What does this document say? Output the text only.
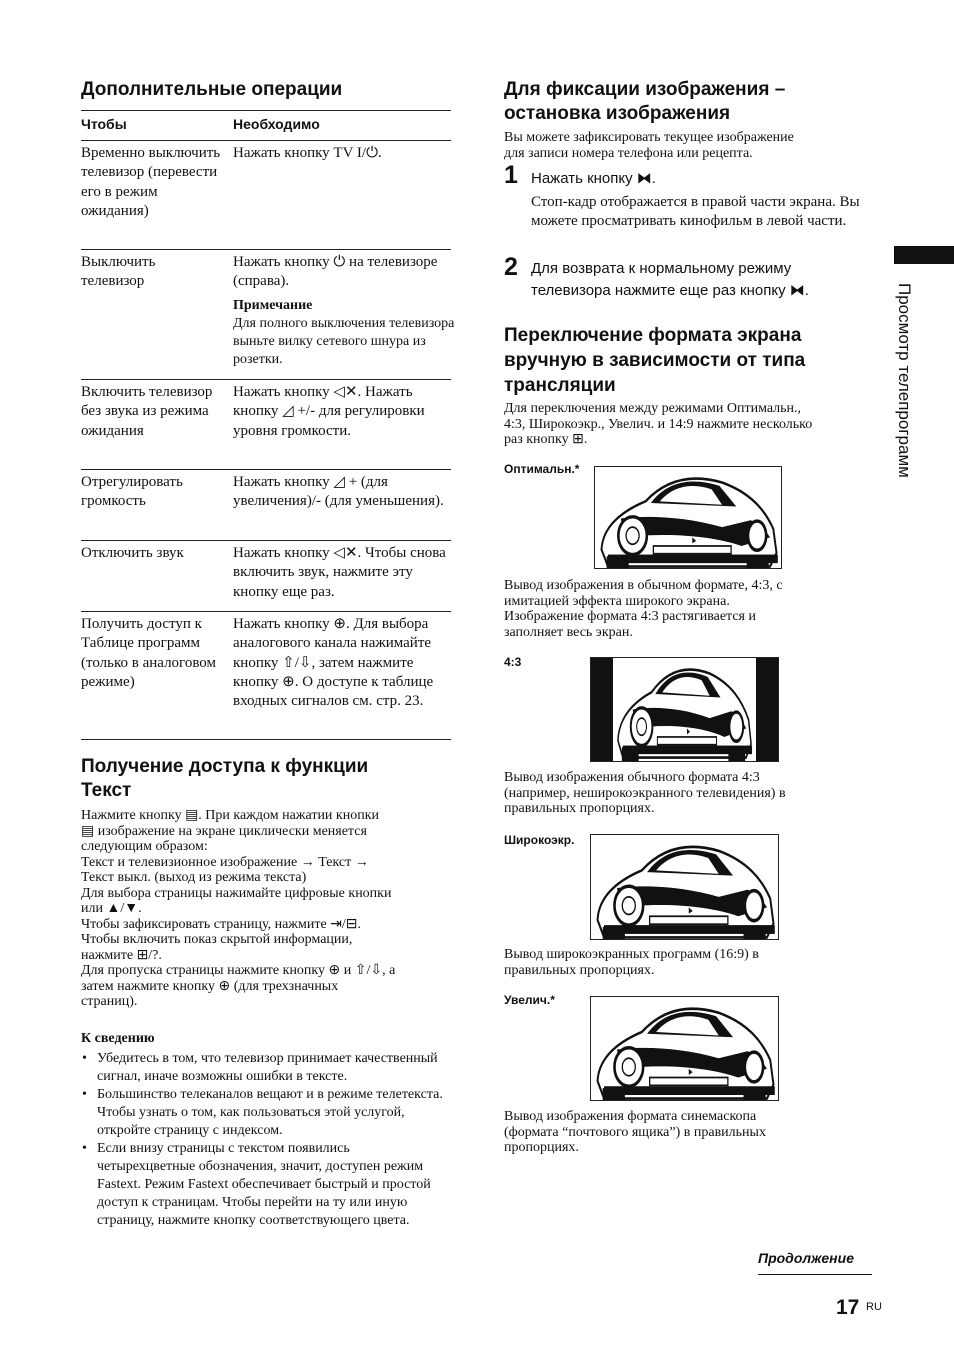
Дополнительные операции
Чтобы	Необходимо
Временно выключить телевизор (перевести его в режим ожидания)
Нажать кнопку TV I/⏻.
Выключить телевизор
Нажать кнопку ⏻ на телевизоре (справа).
Примечание
Для полного выключения телевизора выньте вилку сетевого шнура из розетки.
Включить телевизор без звука из режима ожидания
Нажать кнопку ◁✕. Нажать кнопку ◿ +/- для регулировки уровня громкости.
Отрегулировать громкость
Нажать кнопку ◿ + (для увеличения)/- (для уменьшения).
Отключить звук	Нажать кнопку ◁✕. Чтобы снова включить звук, нажмите эту кнопку еще раз.
Получить доступ к Таблице программ (только в аналоговом режиме)
Нажать кнопку ⊕. Для выбора аналогового канала нажимайте кнопку ⇧/⇩, затем нажмите кнопку ⊕. О доступе к таблице входных сигналов см. стр. 23.
Получение доступа к функции
Текст
Нажмите кнопку ▤. При каждом нажатии кнопки
▤ изображение на экране циклически меняется
следующим образом:
Текст и телевизионное изображение → Текст →
Текст выкл. (выход из режима текста)
Для выбора страницы нажимайте цифровые кнопки
или ▲/▼.
Чтобы зафиксировать страницу, нажмите ⇥/⊟.
Чтобы включить показ скрытой информации,
нажмите ⊞/?.
Для пропуска страницы нажмите кнопку ⊕ и ⇧/⇩, а
затем нажмите кнопку ⊕ (для трехзначных
страниц).
К сведению
• Убедитесь в том, что телевизор принимает качественный сигнал, иначе возможны ошибки в тексте.
• Большинство телеканалов вещают и в режиме телетекста. Чтобы узнать о том, как пользоваться этой услугой, откройте страницу с индексом.
• Если внизу страницы с текстом появились четырехцветные обозначения, значит, доступен режим Fastext. Режим Fastext обеспечивает быстрый и простой доступ к страницам. Чтобы перейти на ту или иную страницу, нажмите кнопку соответствующего цвета.
Для фиксации изображения –
остановка изображения
Вы можете зафиксировать текущее изображение
для записи номера телефона или рецепта.
1 Нажать кнопку ⧓.
Стоп-кадр отображается в правой части экрана. Вы можете просматривать кинофильм в левой части.
2 Для возврата к нормальному режиму
телевизора нажмите еще раз кнопку ⧓.
Переключение формата экрана
вручную в зависимости от типа
трансляции
Для переключения между режимами Оптимальн.,
4:3, Широкоэкр., Увелич. и 14:9 нажмите несколько
раз кнопку ⊞.
Оптимальн.*
Вывод изображения в обычном формате, 4:3, с
имитацией эффекта широкого экрана.
Изображение формата 4:3 растягивается и
заполняет весь экран.
4:3
Вывод изображения обычного формата 4:3
(например, неширокоэкранного телевидения) в
правильных пропорциях.
Широкоэкр.
Вывод широкоэкранных программ (16:9) в
правильных пропорциях.
Увелич.*
Вывод изображения формата синемаскопа
(формата “почтового ящика”) в правильных
пропорциях.
Продолжение
17 RU
Просмотр телепрограмм
